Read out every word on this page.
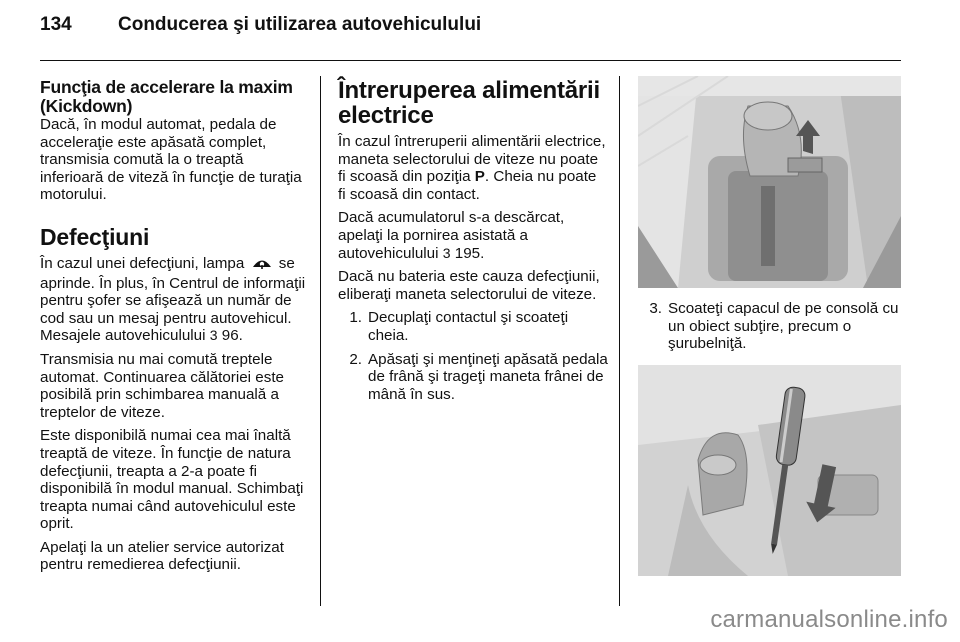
134	Conducerea şi utilizarea autovehiculului
Funcţia de accelerare la maxim (Kickdown)

Dacă, în modul automat, pedala de acceleraţie este apăsată complet, transmisia comută la o treaptă inferioară de viteză în funcţie de turaţia motorului.

Defecţiuni

În cazul unei defecţiuni, lampa se aprinde. În plus, în Centrul de informaţii pentru şofer se afişează un număr de cod sau un mesaj pentru autovehicul. Mesajele autovehiculului 3 96.

Transmisia nu mai comută treptele automat. Continuarea călătoriei este posibilă prin schimbarea manuală a treptelor de viteze.

Este disponibilă numai cea mai înaltă treaptă de viteze. În funcţie de natura defecţiunii, treapta a 2-a poate fi disponibilă în modul manual. Schimbaţi treapta numai când autovehiculul este oprit.

Apelaţi la un atelier service autorizat pentru remedierea defecţiunii.

Întreruperea alimentării electrice

În cazul întreruperii alimentării electrice, maneta selectorului de viteze nu poate fi scoasă din poziţia P. Cheia nu poate fi scoasă din contact.

Dacă acumulatorul s-a descărcat, apelaţi la pornirea asistată a autovehiculului 3 195.

Dacă nu bateria este cauza defecţiunii, eliberaţi maneta selectorului de viteze.

1. Decuplaţi contactul şi scoateţi cheia.
2. Apăsaţi şi menţineţi apăsată pedala de frână şi trageţi maneta frânei de mână în sus.
3. Scoateţi capacul de pe consolă cu un obiect subţire, precum o şurubelniţă.
carmanualsonline.info
